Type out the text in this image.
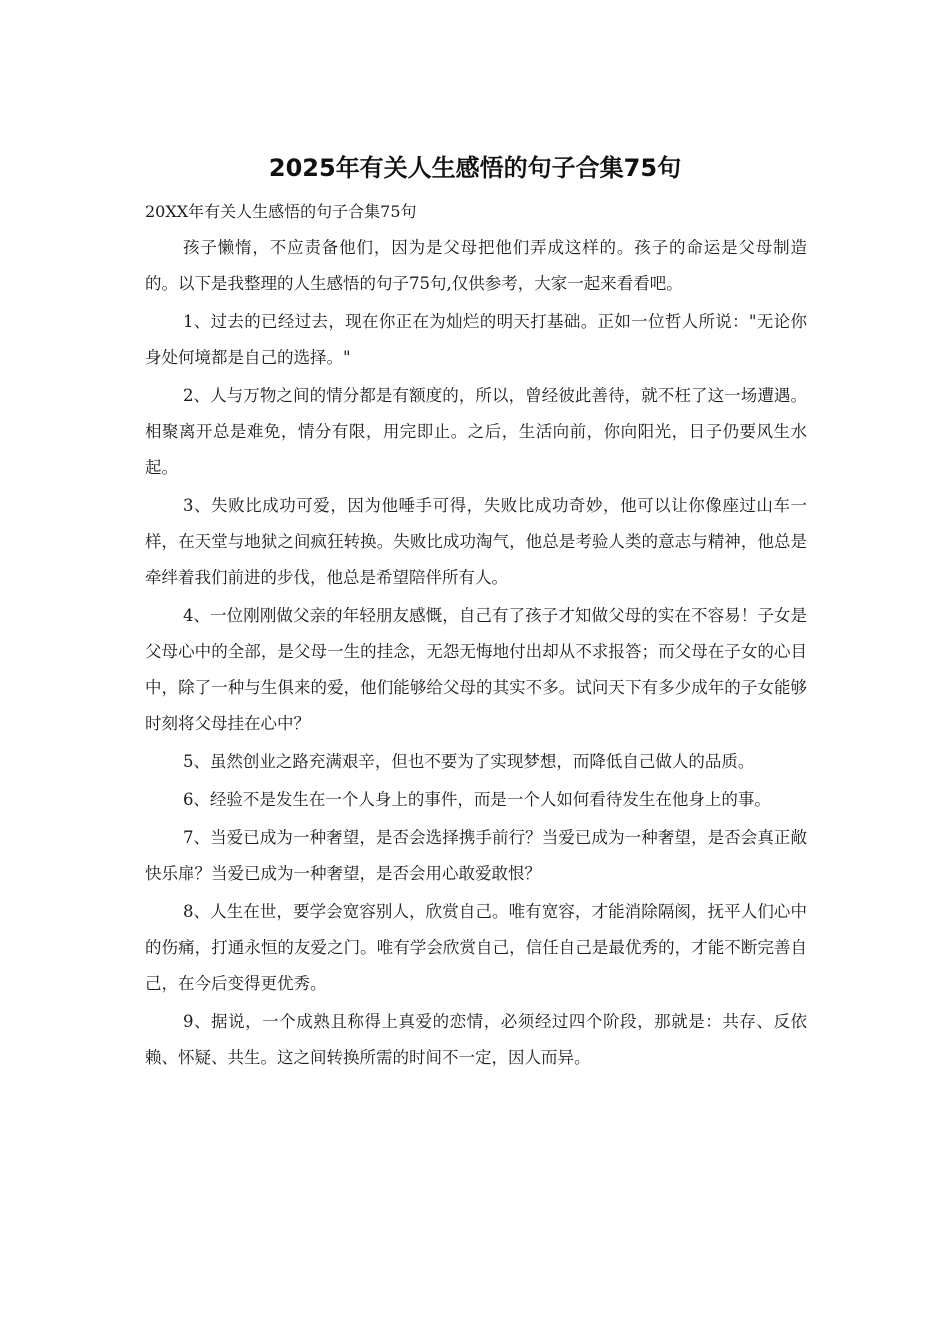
2025年有关人生感悟的句子合集75句

20XX年有关人生感悟的句子合集75句

孩子懒惰，不应责备他们，因为是父母把他们弄成这样的。孩子的命运是父母制造的。以下是我整理的人生感悟的句子75句,仅供参考，大家一起来看看吧。

1、过去的已经过去，现在你正在为灿烂的明天打基础。正如一位哲人所说："无论你身处何境都是自己的选择。"

2、人与万物之间的情分都是有额度的，所以，曾经彼此善待，就不枉了这一场遭遇。相聚离开总是难免，情分有限，用完即止。之后，生活向前，你向阳光，日子仍要风生水起。

3、失败比成功可爱，因为他唾手可得，失败比成功奇妙，他可以让你像座过山车一样，在天堂与地狱之间疯狂转换。失败比成功淘气，他总是考验人类的意志与精神，他总是牵绊着我们前进的步伐，他总是希望陪伴所有人。

4、一位刚刚做父亲的年轻朋友感慨，自己有了孩子才知做父母的实在不容易！子女是父母心中的全部，是父母一生的挂念，无怨无悔地付出却从不求报答；而父母在子女的心目中，除了一种与生俱来的爱，他们能够给父母的其实不多。试问天下有多少成年的子女能够时刻将父母挂在心中？

5、虽然创业之路充满艰辛，但也不要为了实现梦想，而降低自己做人的品质。

6、经验不是发生在一个人身上的事件，而是一个人如何看待发生在他身上的事。

7、当爱已成为一种奢望，是否会选择携手前行？当爱已成为一种奢望，是否会真正敞快乐扉？当爱已成为一种奢望，是否会用心敢爱敢恨？

8、人生在世，要学会宽容别人，欣赏自己。唯有宽容，才能消除隔阂，抚平人们心中的伤痛，打通永恒的友爱之门。唯有学会欣赏自己，信任自己是最优秀的，才能不断完善自己，在今后变得更优秀。

9、据说，一个成熟且称得上真爱的恋情，必须经过四个阶段，那就是：共存、反依赖、怀疑、共生。这之间转换所需的时间不一定，因人而异。
